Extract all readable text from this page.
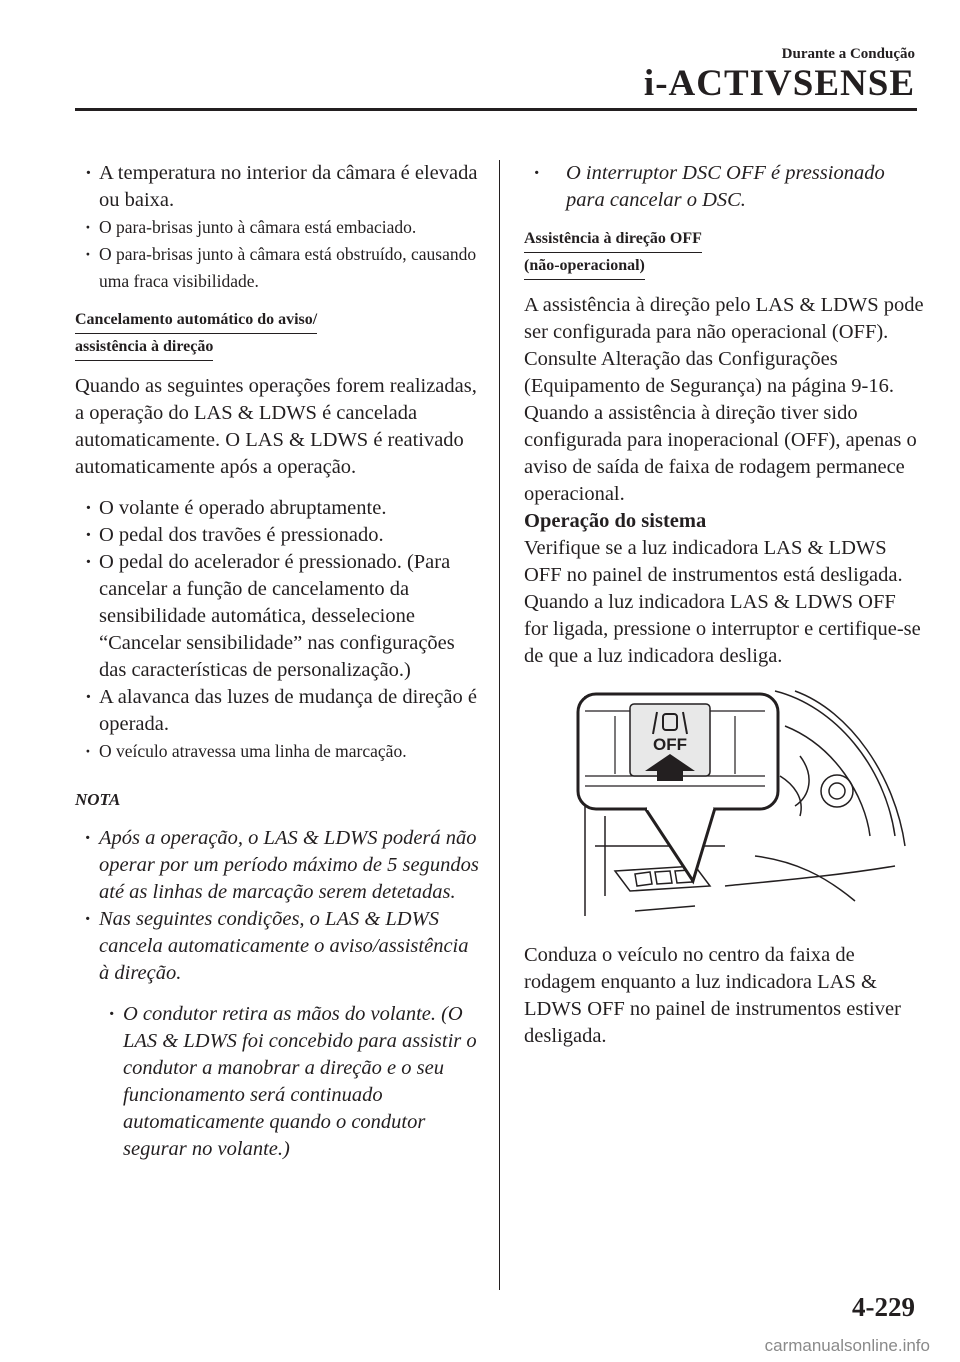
Durante a Condução
i-ACTIVSENSE
· A temperatura no interior da câmara é elevada ou baixa.
· O para-brisas junto à câmara está embaciado.
· O para-brisas junto à câmara está obstruído, causando uma fraca visibilidade.
Cancelamento automático do aviso/
assistência à direção

Quando as seguintes operações forem realizadas, a operação do LAS & LDWS é cancelada automaticamente. O LAS & LDWS é reativado automaticamente após a operação.

· O volante é operado abruptamente.
· O pedal dos travões é pressionado.
· O pedal do acelerador é pressionado. (Para cancelar a função de cancelamento da sensibilidade automática, desselecione “Cancelar sensibilidade” nas configurações das características de personalização.)
· A alavanca das luzes de mudança de direção é operada.
· O veículo atravessa uma linha de marcação.
NOTA
· Após a operação, o LAS & LDWS poderá não operar por um período máximo de 5 segundos até as linhas de marcação serem detetadas.
· Nas seguintes condições, o LAS & LDWS cancela automaticamente o aviso/assistência à direção.
· O condutor retira as mãos do volante. (O LAS & LDWS foi concebido para assistir o condutor a manobrar a direção e o seu funcionamento será continuado automaticamente quando o condutor segurar no volante.)
· O interruptor DSC OFF é pressionado para cancelar o DSC.
Assistência à direção OFF
(não-operacional)

A assistência à direção pelo LAS & LDWS pode ser configurada para não operacional (OFF).

Consulte Alteração das Configurações (Equipamento de Segurança) na página 9-16.

Quando a assistência à direção tiver sido configurada para inoperacional (OFF), apenas o aviso de saída de faixa de rodagem permanece operacional.

Operação do sistema

Verifique se a luz indicadora LAS & LDWS OFF no painel de instrumentos está desligada. Quando a luz indicadora LAS & LDWS OFF for ligada, pressione o interruptor e certifique-se de que a luz indicadora desliga.

OFF

Conduza o veículo no centro da faixa de rodagem enquanto a luz indicadora LAS & LDWS OFF no painel de instrumentos estiver desligada.

4-229
carmanualsonline.info
